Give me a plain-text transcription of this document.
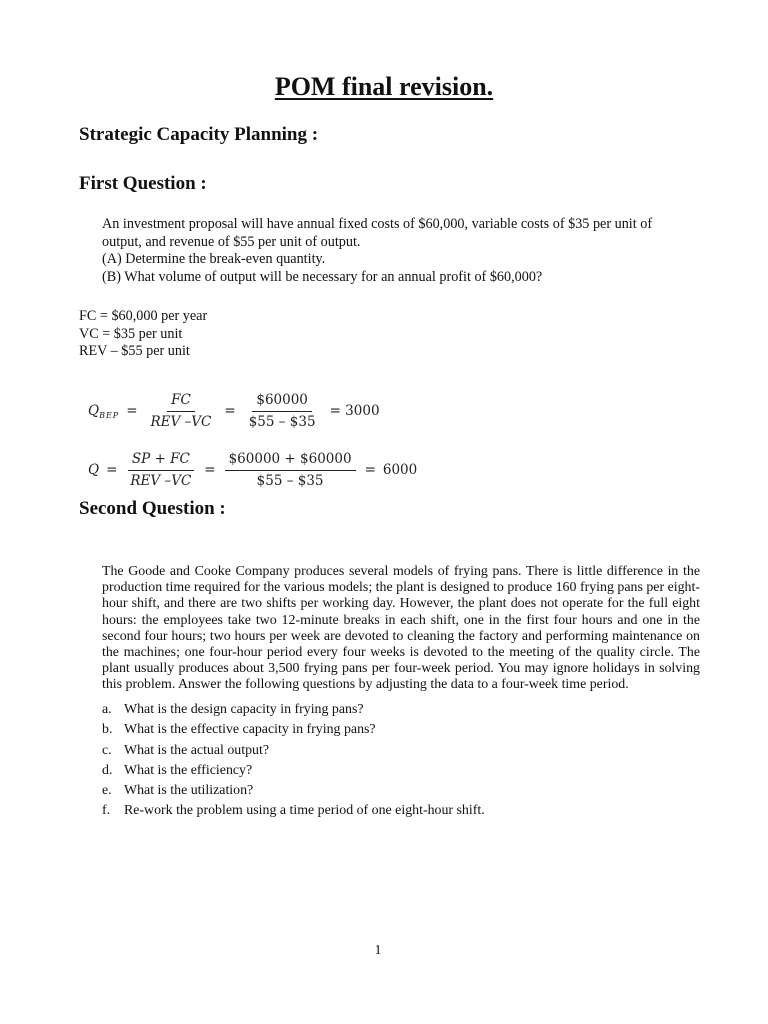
POM final revision.
Strategic Capacity Planning :
First Question :
An investment proposal will have annual fixed costs of $60,000, variable costs of $35 per unit of
output, and revenue of $55 per unit of output.
(A) Determine the break-even quantity.
(B) What volume of output will be necessary for an annual profit of $60,000?
FC = $60,000 per year
VC = $35 per unit
REV – $55 per unit
$Q_{BEP} = \frac{FC}{\text{REV –VC}} = \frac{\$60000}{\$55 - \$35} = 3000$
$Q = \frac{SP + FC}{\text{REV –VC}} = \frac{\$60000 + \$60000}{\$55 - \$35} = 6000$
Second Question :
The Goode and Cooke Company produces several models of frying pans. There is little difference in the production time required for the various models; the plant is designed to produce 160 frying pans per eight-hour shift, and there are two shifts per working day. However, the plant does not operate for the full eight hours: the employees take two 12-minute breaks in each shift, one in the first four hours and one in the second four hours; two hours per week are devoted to cleaning the factory and performing maintenance on the machines; one four-hour period every four weeks is devoted to the meeting of the quality circle. The plant usually produces about 3,500 frying pans per four-week period. You may ignore holidays in solving this problem. Answer the following questions by adjusting the data to a four-week time period.
a. What is the design capacity in frying pans?
b. What is the effective capacity in frying pans?
c. What is the actual output?
d. What is the efficiency?
e. What is the utilization?
f. Re-work the problem using a time period of one eight-hour shift.
1
